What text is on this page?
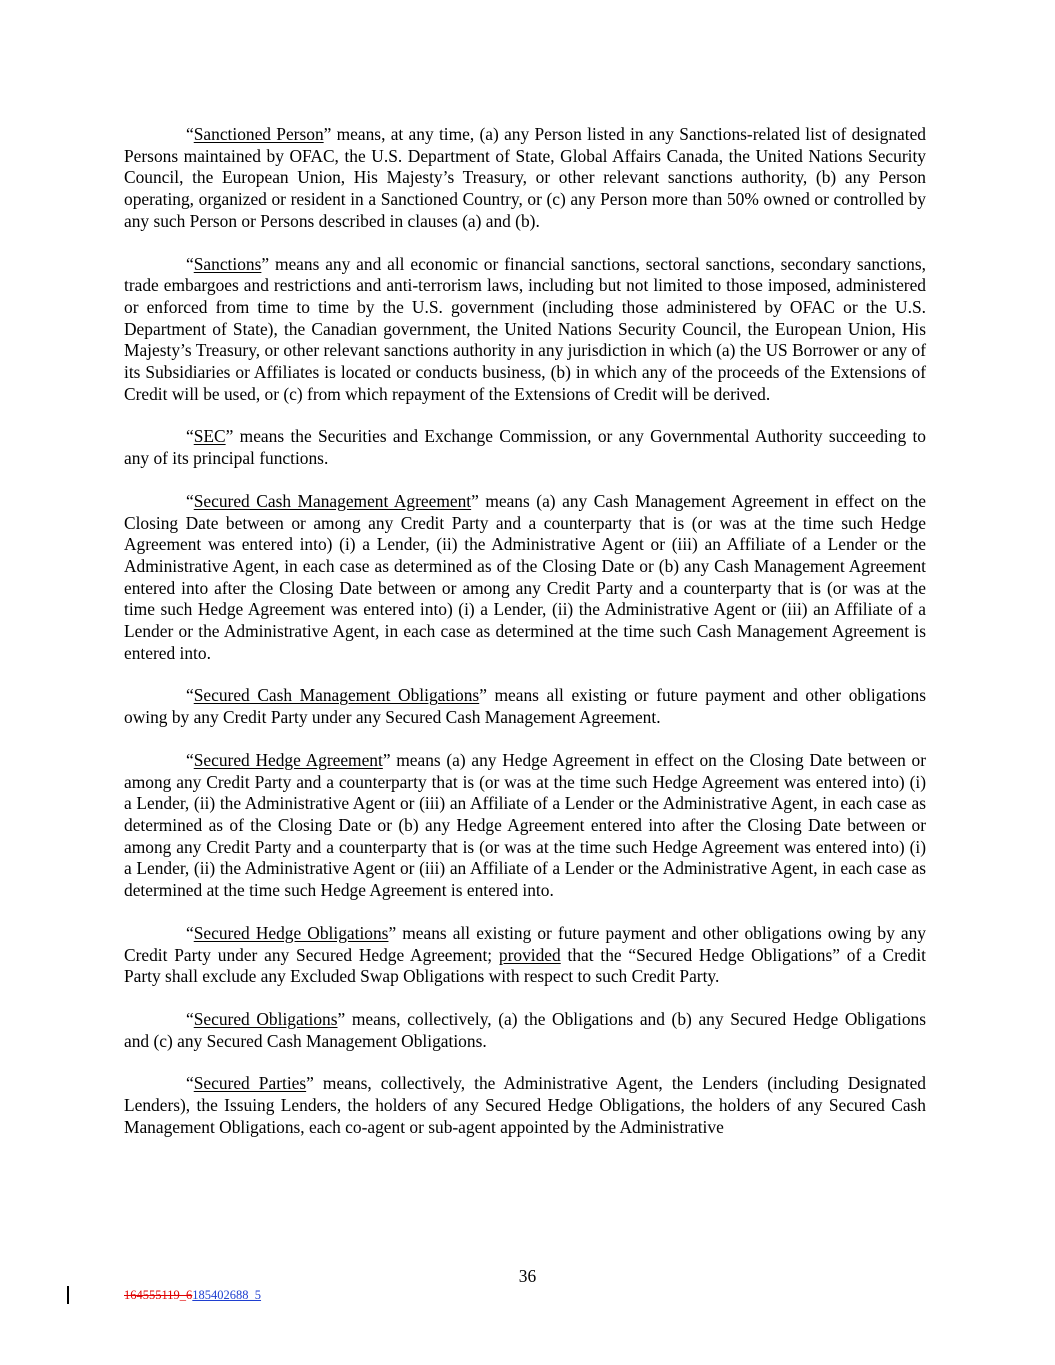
“Sanctioned Person” means, at any time, (a) any Person listed in any Sanctions-related list of designated Persons maintained by OFAC, the U.S. Department of State, Global Affairs Canada, the United Nations Security Council, the European Union, His Majesty’s Treasury, or other relevant sanctions authority, (b) any Person operating, organized or resident in a Sanctioned Country, or (c) any Person more than 50% owned or controlled by any such Person or Persons described in clauses (a) and (b).

“Sanctions” means any and all economic or financial sanctions, sectoral sanctions, secondary sanctions, trade embargoes and restrictions and anti-terrorism laws, including but not limited to those imposed, administered or enforced from time to time by the U.S. government (including those administered by OFAC or the U.S. Department of State), the Canadian government, the United Nations Security Council, the European Union, His Majesty’s Treasury, or other relevant sanctions authority in any jurisdiction in which (a) the US Borrower or any of its Subsidiaries or Affiliates is located or conducts business, (b) in which any of the proceeds of the Extensions of Credit will be used, or (c) from which repayment of the Extensions of Credit will be derived.

“SEC” means the Securities and Exchange Commission, or any Governmental Authority succeeding to any of its principal functions.

“Secured Cash Management Agreement” means (a) any Cash Management Agreement in effect on the Closing Date between or among any Credit Party and a counterparty that is (or was at the time such Hedge Agreement was entered into) (i) a Lender, (ii) the Administrative Agent or (iii) an Affiliate of a Lender or the Administrative Agent, in each case as determined as of the Closing Date or (b) any Cash Management Agreement entered into after the Closing Date between or among any Credit Party and a counterparty that is (or was at the time such Hedge Agreement was entered into) (i) a Lender, (ii) the Administrative Agent or (iii) an Affiliate of a Lender or the Administrative Agent, in each case as determined at the time such Cash Management Agreement is entered into.

“Secured Cash Management Obligations” means all existing or future payment and other obligations owing by any Credit Party under any Secured Cash Management Agreement.

“Secured Hedge Agreement” means (a) any Hedge Agreement in effect on the Closing Date between or among any Credit Party and a counterparty that is (or was at the time such Hedge Agreement was entered into) (i) a Lender, (ii) the Administrative Agent or (iii) an Affiliate of a Lender or the Administrative Agent, in each case as determined as of the Closing Date or (b) any Hedge Agreement entered into after the Closing Date between or among any Credit Party and a counterparty that is (or was at the time such Hedge Agreement was entered into) (i) a Lender, (ii) the Administrative Agent or (iii) an Affiliate of a Lender or the Administrative Agent, in each case as determined at the time such Hedge Agreement is entered into.

“Secured Hedge Obligations” means all existing or future payment and other obligations owing by any Credit Party under any Secured Hedge Agreement; provided that the “Secured Hedge Obligations” of a Credit Party shall exclude any Excluded Swap Obligations with respect to such Credit Party.

“Secured Obligations” means, collectively, (a) the Obligations and (b) any Secured Hedge Obligations and (c) any Secured Cash Management Obligations.

“Secured Parties” means, collectively, the Administrative Agent, the Lenders (including Designated Lenders), the Issuing Lenders, the holders of any Secured Hedge Obligations, the holders of any Secured Cash Management Obligations, each co-agent or sub-agent appointed by the Administrative

36
164555119_6185402688_5
